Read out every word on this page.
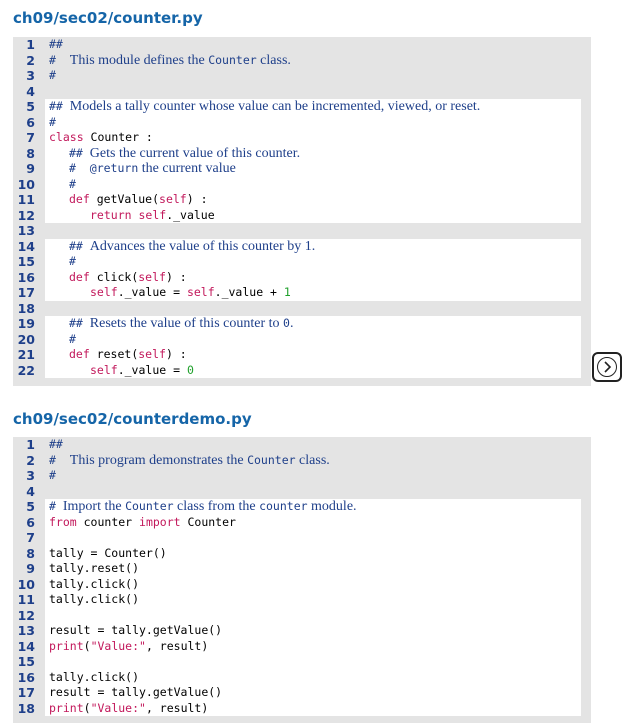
ch09/sec02/counter.py
1	##
2	#  This module defines the Counter class.
3	#
4
5	## Models a tally counter whose value can be incremented, viewed, or reset.
6	#
7	class Counter :
8	## Gets the current value of this counter.
9	#  @return the current value
10	#
11	def getValue(self) :
12	return self._value
13
14	## Advances the value of this counter by 1.
15	#
16	def click(self) :
17	self._value = self._value + 1
18
19	## Resets the value of this counter to 0.
20	#
21	def reset(self) :
22	self._value = 0
ch09/sec02/counterdemo.py
1	##
2	#  This program demonstrates the Counter class.
3	#
4
5	# Import the Counter class from the counter module.
6	from counter import Counter
7
8	tally = Counter()
9	tally.reset()
10	tally.click()
11	tally.click()
12
13	result = tally.getValue()
14	print("Value:", result)
15
16	tally.click()
17	result = tally.getValue()
18	print("Value:", result)
